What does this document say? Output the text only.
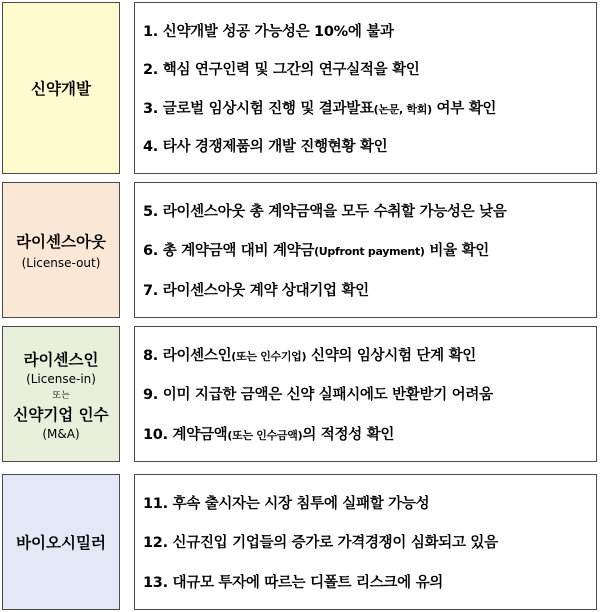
신약개발
1. 신약개발 성공 가능성은 10%에 불과
2. 핵심 연구인력 및 그간의 연구실적을 확인
3. 글로벌 임상시험 진행 및 결과발표(논문, 학회) 여부 확인
4. 타사 경쟁제품의 개발 진행현황 확인
라이센스아웃
(License-out)
5. 라이센스아웃 총 계약금액을 모두 수취할 가능성은 낮음
6. 총 계약금액 대비 계약금(Upfront payment) 비율 확인
7. 라이센스아웃 계약 상대기업 확인
라이센스인
(License-in)
또는
신약기업 인수
(M&A)
8. 라이센스인(또는 인수기업) 신약의 임상시험 단계 확인
9. 이미 지급한 금액은 신약 실패시에도 반환받기 어려움
10. 계약금액(또는 인수금액)의 적정성 확인
바이오시밀러
11. 후속 출시자는 시장 침투에 실패할 가능성
12. 신규진입 기업들의 증가로 가격경쟁이 심화되고 있음
13. 대규모 투자에 따르는 디폴트 리스크에 유의
